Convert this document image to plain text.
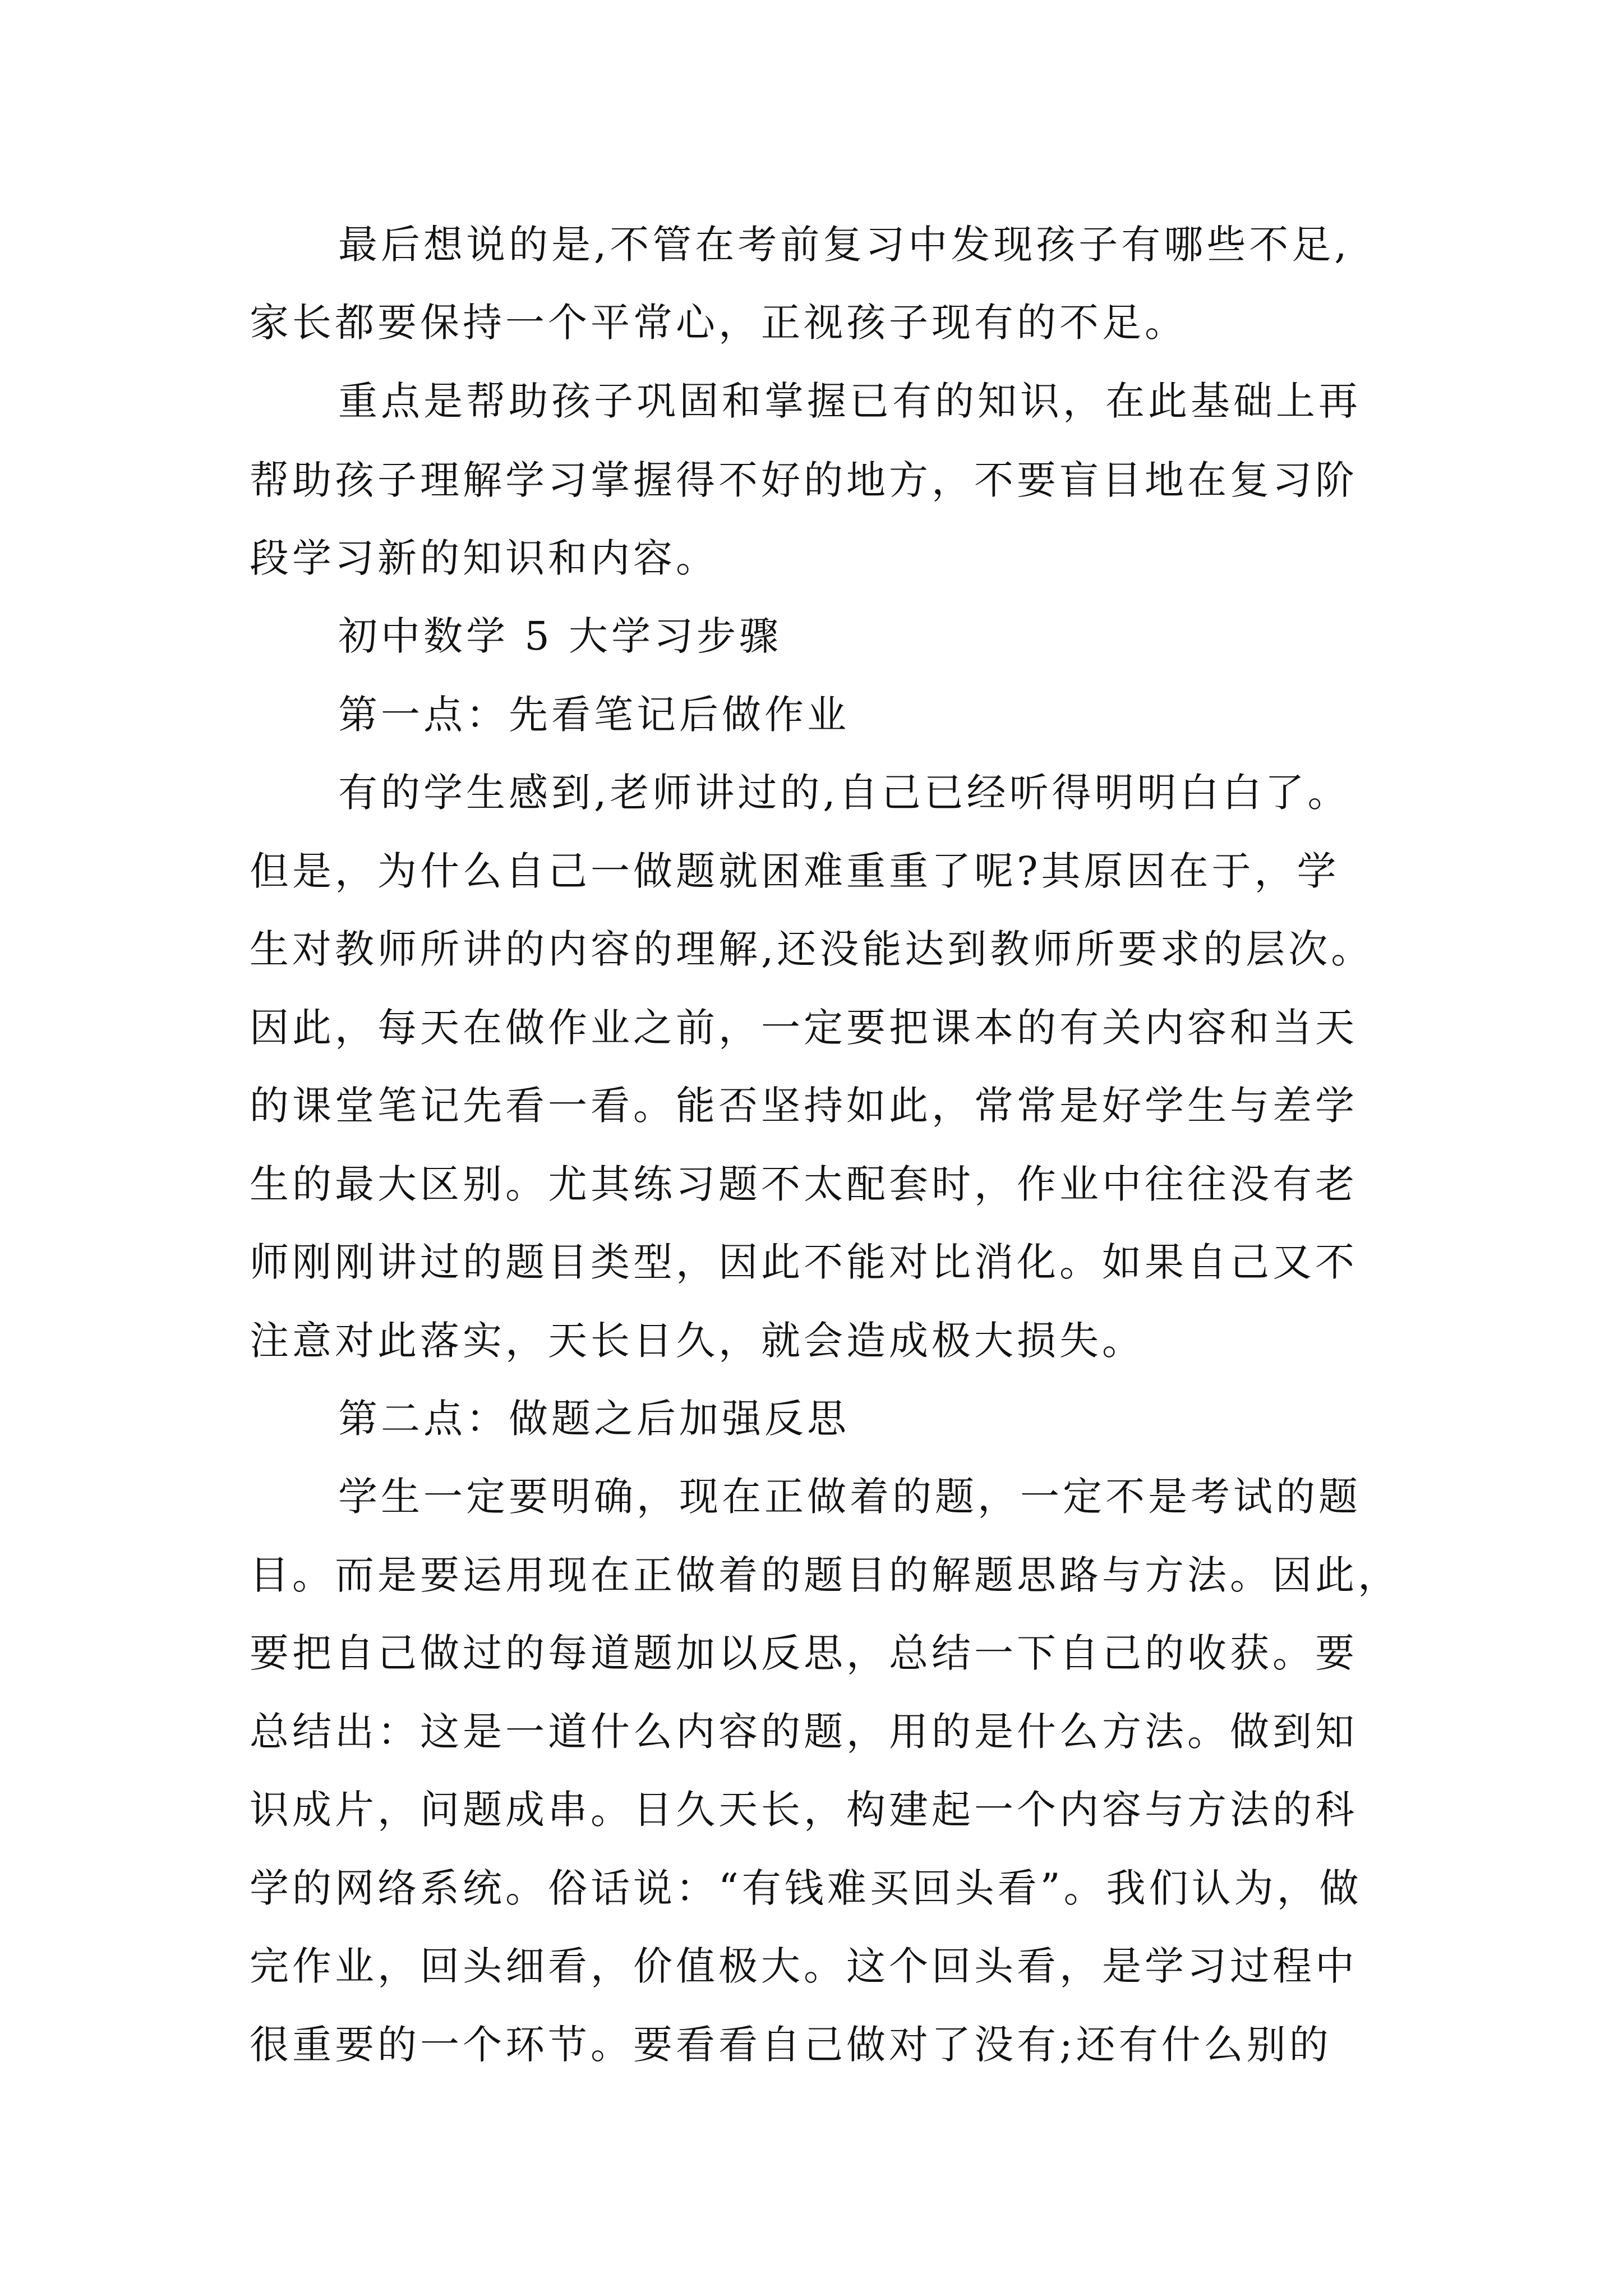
最后想说的是,不管在考前复习中发现孩子有哪些不足,
家长都要保持一个平常心，正视孩子现有的不足。
重点是帮助孩子巩固和掌握已有的知识，在此基础上再
帮助孩子理解学习掌握得不好的地方，不要盲目地在复习阶
段学习新的知识和内容。
初中数学 5 大学习步骤
第一点：先看笔记后做作业
有的学生感到,老师讲过的,自己已经听得明明白白了。
但是，为什么自己一做题就困难重重了呢?其原因在于，学
生对教师所讲的内容的理解,还没能达到教师所要求的层次。
因此，每天在做作业之前，一定要把课本的有关内容和当天
的课堂笔记先看一看。能否坚持如此，常常是好学生与差学
生的最大区别。尤其练习题不太配套时，作业中往往没有老
师刚刚讲过的题目类型，因此不能对比消化。如果自己又不
注意对此落实，天长日久，就会造成极大损失。
第二点：做题之后加强反思
学生一定要明确，现在正做着的题，一定不是考试的题
目。而是要运用现在正做着的题目的解题思路与方法。因此，
要把自己做过的每道题加以反思，总结一下自己的收获。要
总结出：这是一道什么内容的题，用的是什么方法。做到知
识成片，问题成串。日久天长，构建起一个内容与方法的科
学的网络系统。俗话说：“有钱难买回头看”。我们认为，做
完作业，回头细看，价值极大。这个回头看，是学习过程中
很重要的一个环节。要看看自己做对了没有;还有什么别的
